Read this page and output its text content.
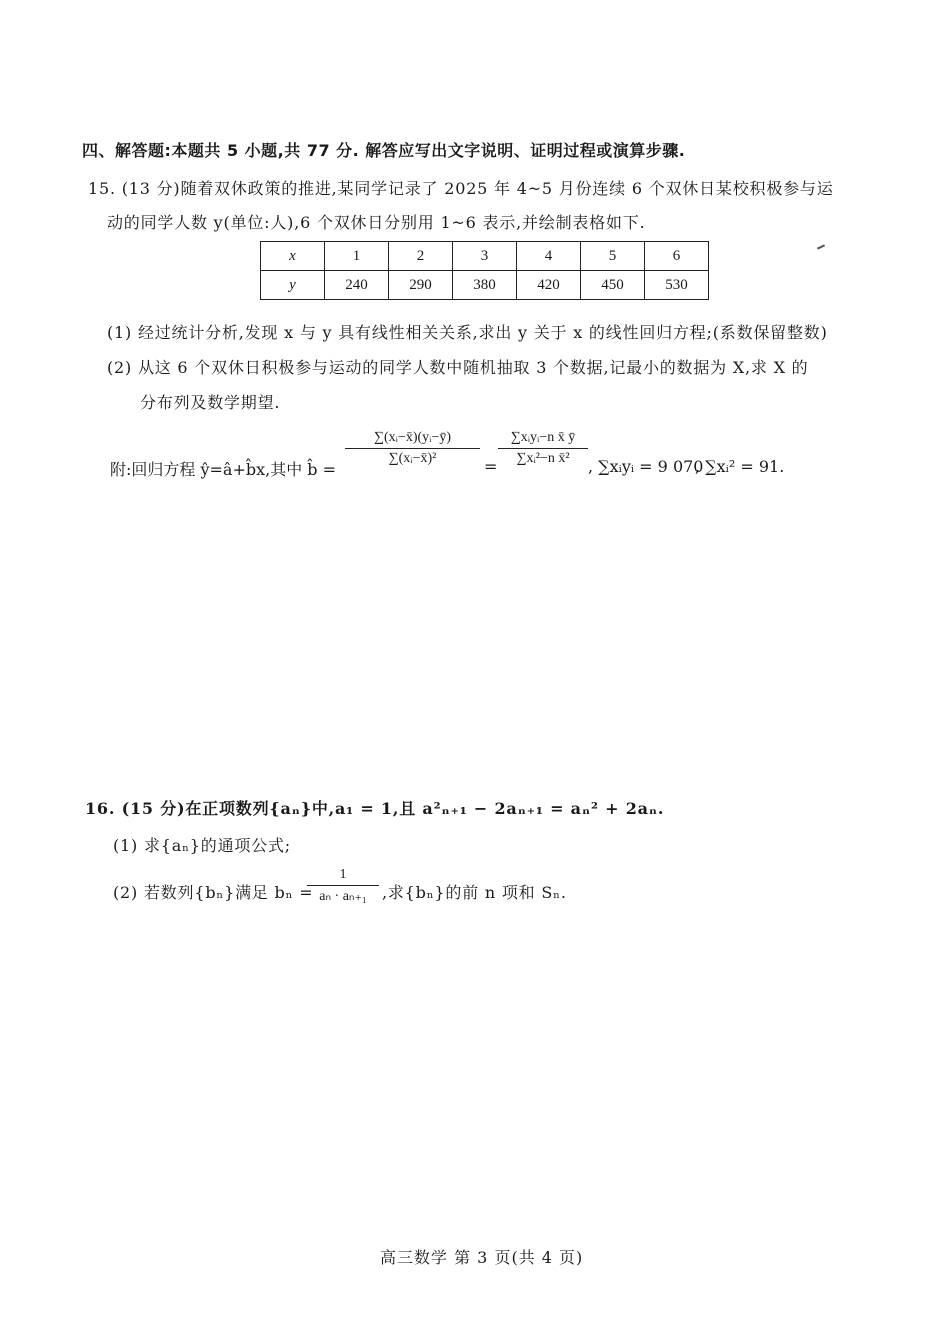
四、解答题:本题共 5 小题,共 77 分. 解答应写出文字说明、证明过程或演算步骤.
15. (13 分)随着双休政策的推进,某同学记录了 2025 年 4~5 月份连续 6 个双休日某校积极参与运
动的同学人数 y(单位:人),6 个双休日分别用 1~6 表示,并绘制表格如下.
x	1	2	3	4	5	6
y	240	290	380	420	450	530
(1) 经过统计分析,发现 x 与 y 具有线性相关关系,求出 y 关于 x 的线性回归方程;(系数保留整数)
(2) 从这 6 个双休日积极参与运动的同学人数中随机抽取 3 个数据,记最小的数据为 X,求 X 的
分布列及数学期望.
附:回归方程 ŷ=â+b̂x,其中 b̂ =
∑(xᵢ−x̄)(yᵢ−ȳ)
∑(xᵢ−x̄)²	=
∑xᵢyᵢ−n x̄ ȳ
∑xᵢ²−n x̄²	, ∑xᵢyᵢ = 9 070
, ∑xᵢ² = 91.
16. (15 分)在正项数列{aₙ}中,a₁ = 1,且 a²ₙ₊₁ − 2aₙ₊₁ = aₙ² + 2aₙ.
(1) 求{aₙ}的通项公式;
(2) 若数列{bₙ}满足 bₙ =
1
aₙ · aₙ₊₁ ,求{bₙ}的前 n 项和 Sₙ.
高三数学 第 3 页(共 4 页)
